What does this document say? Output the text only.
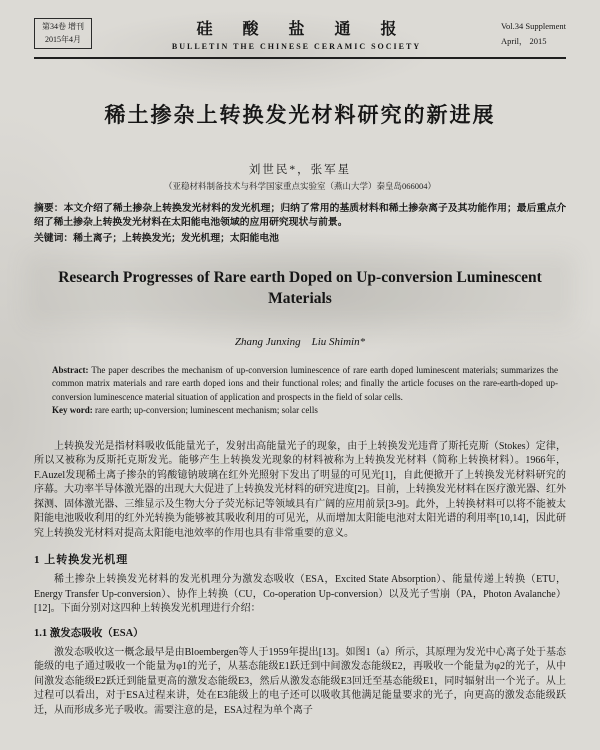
第34卷 增刊
2015年4月
硅 酸 盐 通 报
BULLETIN THE CHINESE CERAMIC SOCIETY
Vol.34 Supplement
April， 2015
稀土掺杂上转换发光材料研究的新进展
刘世民*，张军星
（亚稳材料制备技术与科学国家重点实验室（燕山大学）秦皇岛066004）

摘要：本文介绍了稀土掺杂上转换发光材料的发光机理；归纳了常用的基质材料和稀土掺杂离子及其功能作用；最后重点介绍了稀土掺杂上转换发光材料在太阳能电池领域的应用研究现状与前景。

关键词：稀土离子；上转换发光；发光机理；太阳能电池

Research Progresses of Rare earth Doped on Up-conversion Luminescent Materials
Zhang Junxing  Liu Shimin*

Abstract: The paper describes the mechanism of up-conversion luminescence of rare earth doped luminescent materials; summarizes the common matrix materials and rare earth doped ions and their functional roles; and finally the article focuses on the rare-earth-doped up-conversion luminescence material situation of application and prospects in the field of solar cells.

Key word: rare earth; up-conversion; luminescent mechanism; solar cells

上转换发光是指材料吸收低能量光子，发射出高能量光子的现象，由于上转换发光违背了斯托克斯（Stokes）定律，所以又被称为反斯托克斯发光。能够产生上转换发光现象的材料被称为上转换发光材料（简称上转换材料）。1966年，F.Auzel发现稀土离子掺杂的钨酸镱钠玻璃在红外光照射下发出了明显的可见光[1]，自此便掀开了上转换发光材料研究的序幕。大功率半导体激光器的出现大大促进了上转换发光材料的研究进度[2]。目前，上转换发光材料在医疗激光器、红外探测、固体激光器、三维显示及生物大分子荧光标记等领域具有广阔的应用前景[3-9]。此外，上转换材料可以将不能被太阳能电池吸收利用的红外光转换为能够被其吸收利用的可见光，从而增加太阳能电池对太阳光谱的利用率[10,14]，因此研究上转换发光材料对提高太阳能电池效率的作用也具有非常重要的意义。

1 上转换发光机理

稀土掺杂上转换发光材料的发光机理分为激发态吸收（ESA，Excited State Absorption）、能量传递上转换（ETU，Energy Transfer Up-conversion）、协作上转换（CU，Co-operation Up-conversion）以及光子雪崩（PA，Photon Avalanche）[12]。下面分别对这四种上转换发光机理进行介绍：

1.1 激发态吸收（ESA）

激发态吸收这一概念最早是由Bloembergen等人于1959年提出[13]。如图1（a）所示，其原理为发光中心离子处于基态能级的电子通过吸收一个能量为φ1的光子，从基态能级E1跃迁到中间激发态能级E2，再吸收一个能量为φ2的光子，从中间激发态能级E2跃迁到能量更高的激发态能级E3，然后从激发态能级E3回迁至基态能级E1，同时辐射出一个光子。从上过程可以看出，对于ESA过程来讲，处在E3能级上的电子还可以吸收其他满足能量要求的光子，向更高的激发态能级跃迁，从而形成多光子吸收。需要注意的是，ESA过程为单个离子
